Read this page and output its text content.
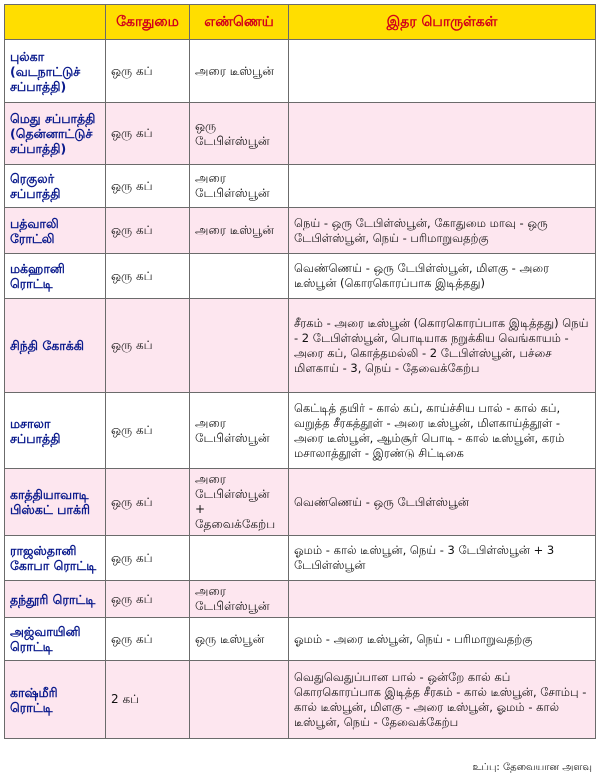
	கோதுமை	எண்ணெய்	இதர பொருள்கள்
புல்கா (வடநாட்டுச் சப்பாத்தி)	ஒரு கப்	அரை டீஸ்பூன்	
மெது சப்பாத்தி (தென்னாட்டுச் சப்பாத்தி)	ஒரு கப்	ஒரு டேபிள்ஸ்பூன்	
ரெகுலர் சப்பாத்தி	ஒரு கப்	அரை டேபிள்ஸ்பூன்	
பத்வாலி ரோட்லி	ஒரு கப்	அரை டீஸ்பூன்	நெய் - ஒரு டேபிள்ஸ்பூன், கோதுமை மாவு - ஒரு டேபிள்ஸ்பூன், நெய் - பரிமாறுவதற்கு
மக்ஹானி ரொட்டி	ஒரு கப்		வெண்ணெய் - ஒரு டேபிள்ஸ்பூன், மிளகு - அரை டீஸ்பூன் (கொரகொரப்பாக இடித்தது)
சிந்தி கோக்கி	ஒரு கப்		சீரகம் - அரை டீஸ்பூன் (கொரகொரப்பாக இடித்தது) நெய் - 2 டேபிள்ஸ்பூன், பொடியாக நறுக்கிய வெங்காயம் - அரை கப், கொத்தமல்லி - 2 டேபிள்ஸ்பூன், பச்சை மிளகாய் - 3, நெய் - தேவைக்கேற்ப
மசாலா சப்பாத்தி	ஒரு கப்	அரை டேபிள்ஸ்பூன்	கெட்டித் தயிர் - கால் கப், காய்ச்சிய பால் - கால் கப், வறுத்த சீரகத்தூள் - அரை டீஸ்பூன், மிளகாய்த்தூள் - அரை டீஸ்பூன், ஆம்சூர் பொடி - கால் டீஸ்பூன், கரம் மசாலாத்தூள் - இரண்டு சிட்டிகை
காத்தியாவாடி பிஸ்கட் பாக்ரி	ஒரு கப்	அரை டேபிள்ஸ்பூன் + தேவைக்கேற்ப	வெண்ணெய் - ஒரு டேபிள்ஸ்பூன்
ராஜஸ்தானி கோபா ரொட்டி	ஒரு கப்		ஓமம் - கால் டீஸ்பூன், நெய் - 3 டேபிள்ஸ்பூன் + 3 டேபிள்ஸ்பூன்
தந்தூரி ரொட்டி	ஒரு கப்	அரை டேபிள்ஸ்பூன்	
அஜ்வாயினி ரொட்டி	ஒரு கப்	ஒரு டீஸ்பூன்	ஓமம் - அரை டீஸ்பூன், நெய் - பரிமாறுவதற்கு
காஷ்மீரி ரொட்டி	2 கப்		வெதுவெதுப்பான பால் - ஒன்றே கால் கப் கொரகொரப்பாக இடித்த சீரகம் - கால் டீஸ்பூன், சோம்பு - கால் டீஸ்பூன், மிளகு - அரை டீஸ்பூன், ஓமம் - கால் டீஸ்பூன், நெய் - தேவைக்கேற்ப
உப்பு: தேவையான அளவு
